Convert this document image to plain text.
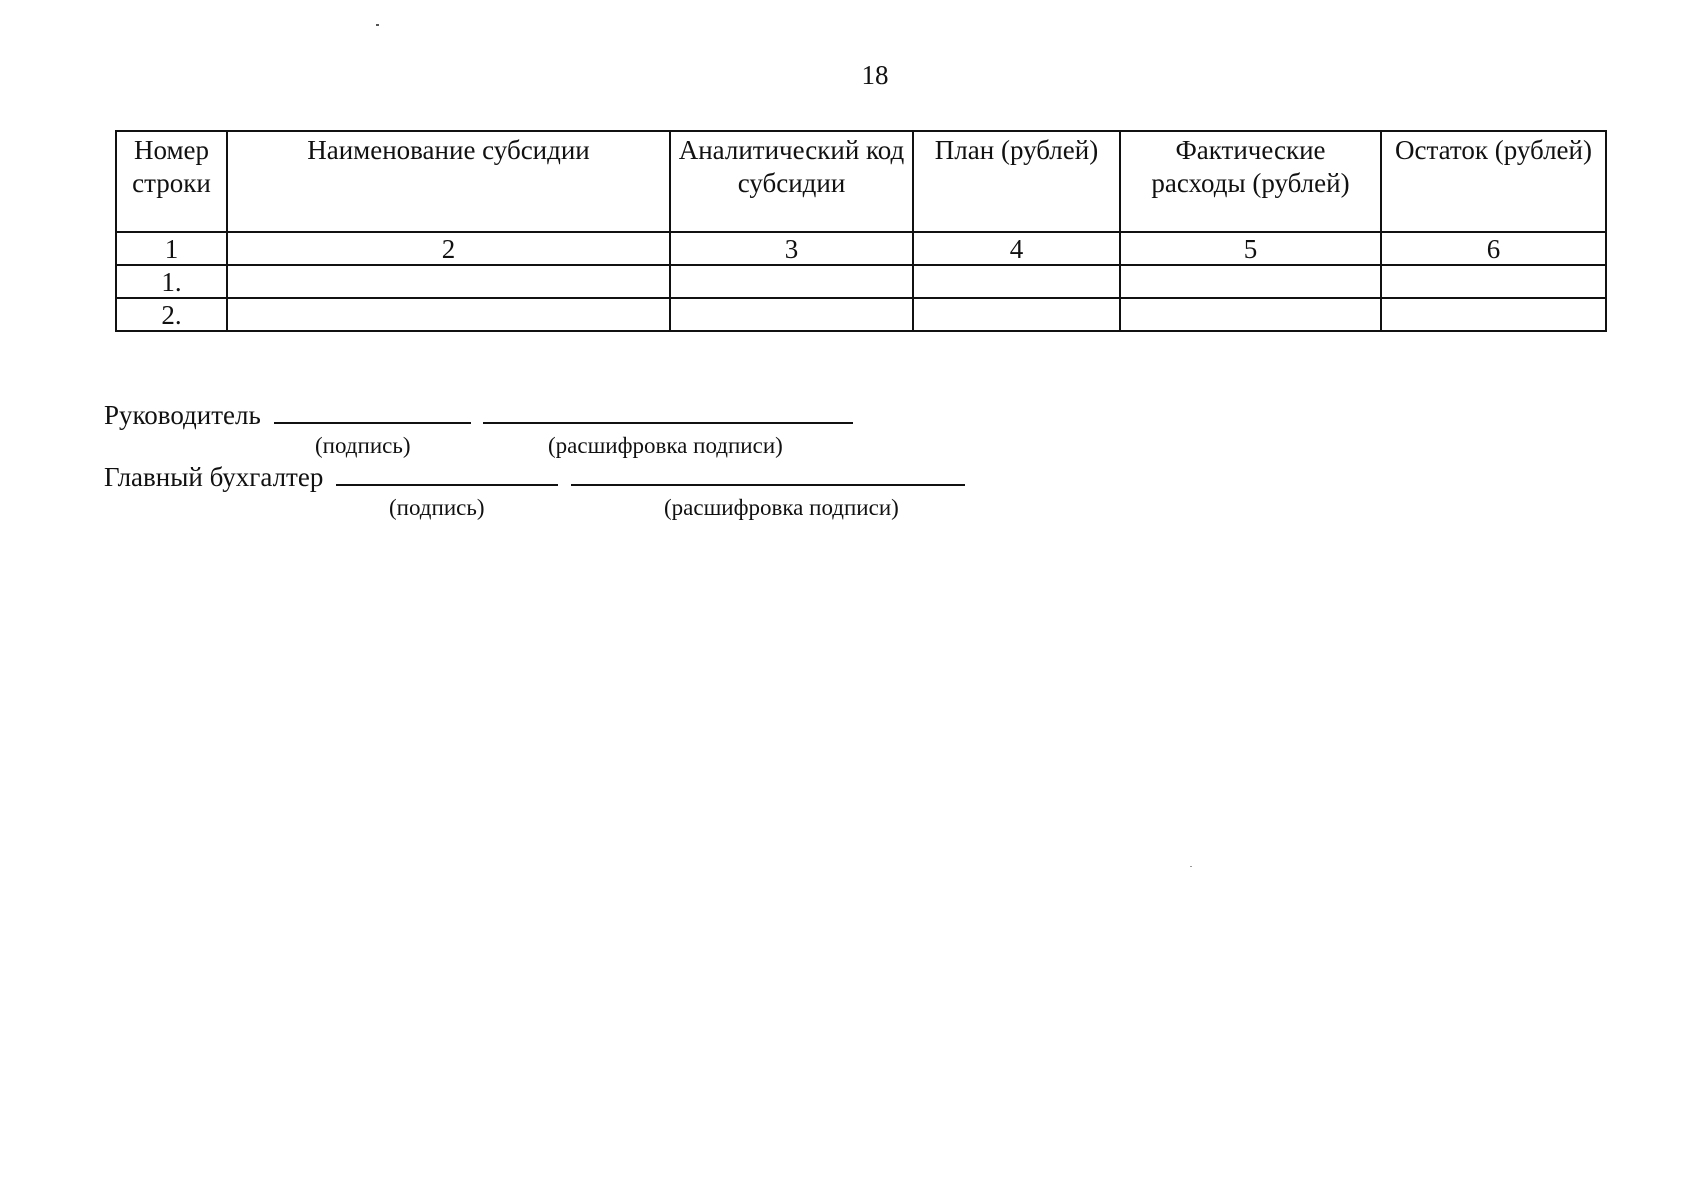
18
Номер строки	Наименование субсидии	Аналитический код субсидии	План (рублей)	Фактические расходы (рублей)	Остаток (рублей)
1	2	3	4	5	6
1.					
2.					
Руководитель
(подпись)	(расшифровка подписи)
Главный бухгалтер
(подпись)	(расшифровка подписи)
